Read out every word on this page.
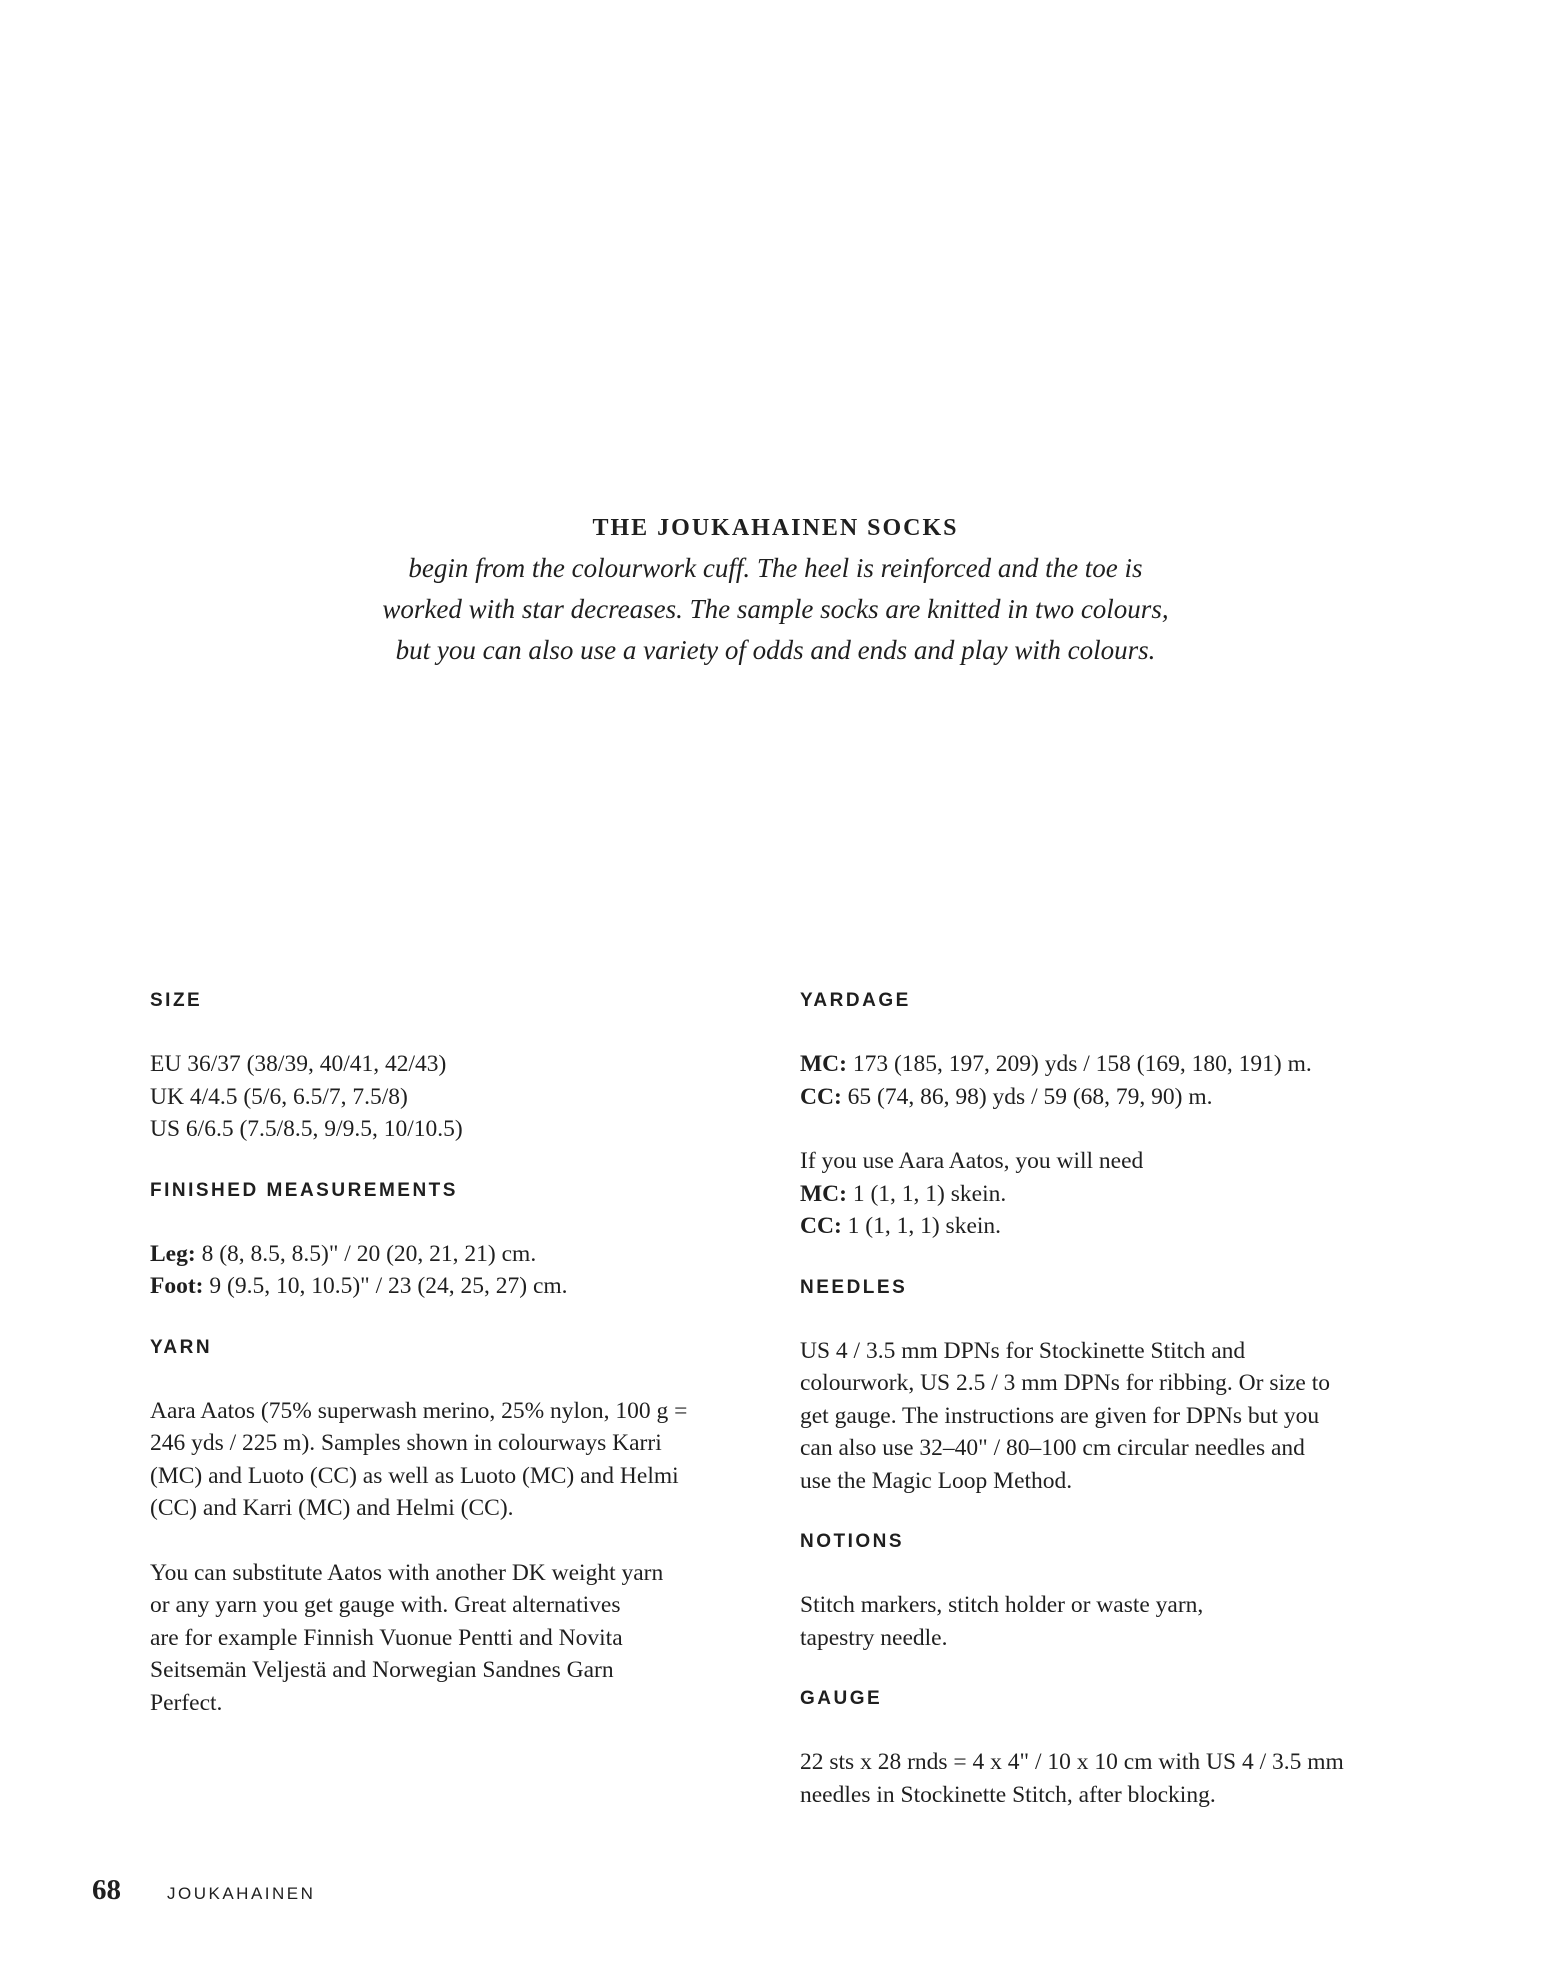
THE JOUKAHAINEN SOCKS
begin from the colourwork cuff. The heel is reinforced and the toe is
worked with star decreases. The sample socks are knitted in two colours,
but you can also use a variety of odds and ends and play with colours.
SIZE
EU 36/37 (38/39, 40/41, 42/43)
UK 4/4.5 (5/6, 6.5/7, 7.5/8)
US 6/6.5 (7.5/8.5, 9/9.5, 10/10.5)
FINISHED MEASUREMENTS
Leg: 8 (8, 8.5, 8.5)" / 20 (20, 21, 21) cm.
Foot: 9 (9.5, 10, 10.5)" / 23 (24, 25, 27) cm.
YARN
Aara Aatos (75% superwash merino, 25% nylon, 100 g =
246 yds / 225 m). Samples shown in colourways Karri
(MC) and Luoto (CC) as well as Luoto (MC) and Helmi
(CC) and Karri (MC) and Helmi (CC).
You can substitute Aatos with another DK weight yarn
or any yarn you get gauge with. Great alternatives
are for example Finnish Vuonue Pentti and Novita
Seitsemän Veljestä and Norwegian Sandnes Garn
Perfect.
YARDAGE
MC: 173 (185, 197, 209) yds / 158 (169, 180, 191) m.
CC: 65 (74, 86, 98) yds / 59 (68, 79, 90) m.
If you use Aara Aatos, you will need
MC: 1 (1, 1, 1) skein.
CC: 1 (1, 1, 1) skein.
NEEDLES
US 4 / 3.5 mm DPNs for Stockinette Stitch and
colourwork, US 2.5 / 3 mm DPNs for ribbing. Or size to
get gauge. The instructions are given for DPNs but you
can also use 32–40" / 80–100 cm circular needles and
use the Magic Loop Method.
NOTIONS
Stitch markers, stitch holder or waste yarn,
tapestry needle.
GAUGE
22 sts x 28 rnds = 4 x 4" / 10 x 10 cm with US 4 / 3.5 mm
needles in Stockinette Stitch, after blocking.
68	JOUKAHAINEN
